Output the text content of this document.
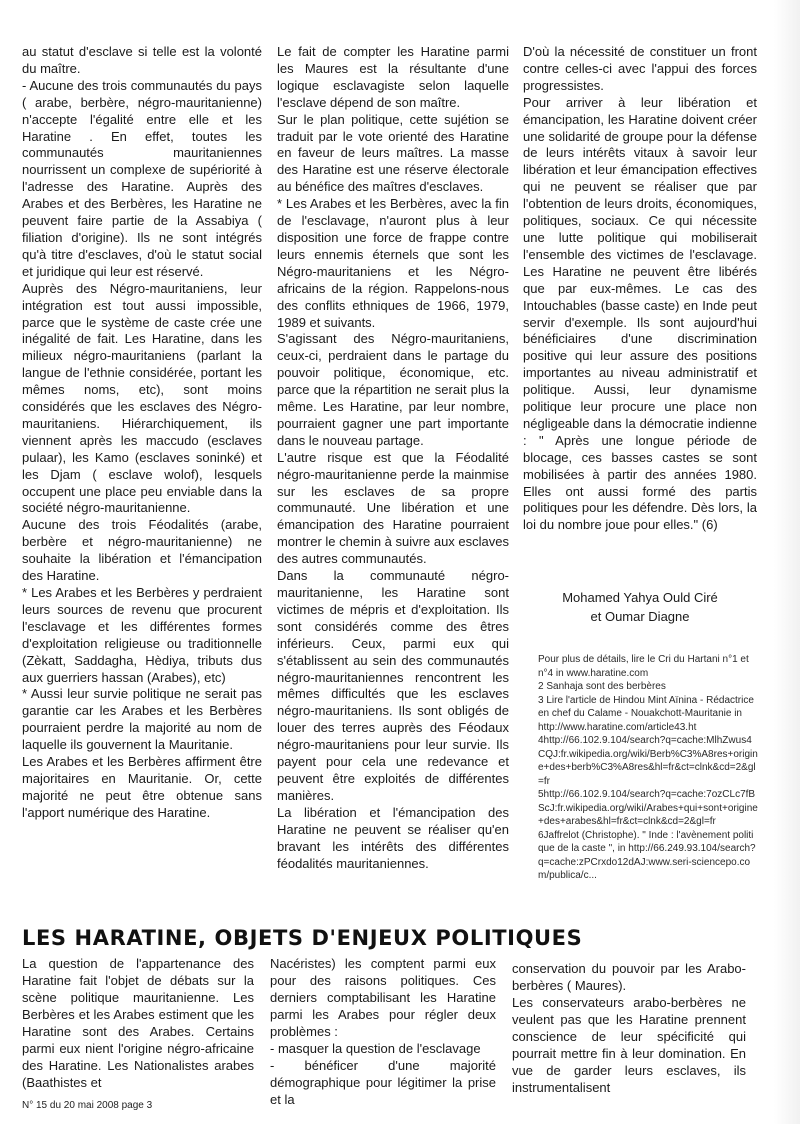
au statut d'esclave si telle est la volonté du maître.

- Aucune des trois communautés du pays ( arabe, berbère, négro-mauritanienne) n'accepte l'égalité entre elle et les Haratine . En effet, toutes les communautés mauritaniennes nourrissent un complexe de supériorité à l'adresse des Haratine. Auprès des Arabes et des Berbères, les Haratine ne peuvent faire partie de la Assabiya ( filiation d'origine). Ils ne sont intégrés qu'à titre d'esclaves, d'où le statut social et juridique qui leur est réservé.

Auprès des Négro-mauritaniens, leur intégration est tout aussi impossible, parce que le système de caste crée une inégalité de fait. Les Haratine, dans les milieux négro-mauritaniens (parlant la langue de l'ethnie considérée, portant les mêmes noms, etc), sont moins considérés que les esclaves des Négro-mauritaniens. Hiérarchiquement, ils viennent après les maccudo (esclaves pulaar), les Kamo (esclaves soninké) et les Djam ( esclave wolof), lesquels occupent une place peu enviable dans la société négro-mauritanienne.

Aucune des trois Féodalités (arabe, berbère et négro-mauritanienne) ne souhaite la libération et l'émancipation des Haratine.

* Les Arabes et les Berbères y perdraient leurs sources de revenu que procurent l'esclavage et les différentes formes d'exploitation religieuse ou traditionnelle (Zèkatt, Saddagha, Hèdiya, tributs dus aux guerriers hassan (Arabes), etc)

* Aussi leur survie politique ne serait pas garantie car les Arabes et les Berbères pourraient perdre la majorité au nom de laquelle ils gouvernent la Mauritanie.

Les Arabes et les Berbères affirment être majoritaires en Mauritanie. Or, cette majorité ne peut être obtenue sans l'apport numérique des Haratine.

Le fait de compter les Haratine parmi les Maures est la résultante d'une logique esclavagiste selon laquelle l'esclave dépend de son maître.

Sur le plan politique, cette sujétion se traduit par le vote orienté des Haratine en faveur de leurs maîtres. La masse des Haratine est une réserve électorale au bénéfice des maîtres d'esclaves.

* Les Arabes et les Berbères, avec la fin de l'esclavage, n'auront plus à leur disposition une force de frappe contre leurs ennemis éternels que sont les Négro-mauritaniens et les Négro-africains de la région. Rappelons-nous des conflits ethniques de 1966, 1979, 1989 et suivants.

S'agissant des Négro-mauritaniens, ceux-ci, perdraient dans le partage du pouvoir politique, économique, etc. parce que la répartition ne serait plus la même. Les Haratine, par leur nombre, pourraient gagner une part importante dans le nouveau partage.

L'autre risque est que la Féodalité négro-mauritanienne perde la mainmise sur les esclaves de sa propre communauté. Une libération et une émancipation des Haratine pourraient montrer le chemin à suivre aux esclaves des autres communautés.

Dans la communauté négro-mauritanienne, les Haratine sont victimes de mépris et d'exploitation. Ils sont considérés comme des êtres inférieurs. Ceux, parmi eux qui s'établissent au sein des communautés négro-mauritaniennes rencontrent les mêmes difficultés que les esclaves négro-mauritaniens. Ils sont obligés de louer des terres auprès des Féodaux négro-mauritaniens pour leur survie. Ils payent pour cela une redevance et peuvent être exploités de différentes manières.

La libération et l'émancipation des Haratine ne peuvent se réaliser qu'en bravant les intérêts des différentes féodalités mauritaniennes.

D'où la nécessité de constituer un front contre celles-ci avec l'appui des forces progressistes.

Pour arriver à leur libération et émancipation, les Haratine doivent créer une solidarité de groupe pour la défense de leurs intérêts vitaux à savoir leur libération et leur émancipation effectives qui ne peuvent se réaliser que par l'obtention de leurs droits, économiques, politiques, sociaux. Ce qui nécessite une lutte politique qui mobiliserait l'ensemble des victimes de l'esclavage. Les Haratine ne peuvent être libérés que par eux-mêmes. Le cas des Intouchables (basse caste) en Inde peut servir d'exemple. Ils sont aujourd'hui bénéficiaires d'une discrimination positive qui leur assure des positions importantes au niveau administratif et politique. Aussi, leur dynamisme politique leur procure une place non négligeable dans la démocratie indienne : " Après une longue période de blocage, ces basses castes se sont mobilisées à partir des années 1980. Elles ont aussi formé des partis politiques pour les défendre. Dès lors, la loi du nombre joue pour elles." (6)

Mohamed Yahya Ould Ciré
et Oumar Diagne

Pour plus de détails, lire le Cri du Hartani n°1 et n°4 in www.haratine.com

2 Sanhaja sont des berbères

3 Lire l'article de Hindou Mint Aïnina - Rédactrice en chef du Calame - Nouakchott-Mauritanie in

http://www.haratine.com/article43.ht

4http://66.102.9.104/search?q=cache:MlhZwus4CQJ:fr.wikipedia.org/wiki/Berb%C3%A8res+origine+des+berb%C3%A8res&hl=fr&ct=clnk&cd=2&gl=fr

5http://66.102.9.104/search?q=cache:7ozCLc7fBScJ:fr.wikipedia.org/wiki/Arabes+qui+sont+origine+des+arabes&hl=fr&ct=clnk&cd=2&gl=fr

6Jaffrelot (Christophe). " Inde : l'avènement politique de la caste ", in http://66.249.93.104/search?q=cache:zPCrxdo12dAJ:www.seri-sciencepo.com/publica/c...

LES HARATINE, OBJETS D'ENJEUX POLITIQUES

La question de l'appartenance des Haratine fait l'objet de débats sur la scène politique mauritanienne. Les Berbères et les Arabes estiment que les Haratine sont des Arabes. Certains parmi eux nient l'origine négro-africaine des Haratine. Les Nationalistes arabes (Baathistes et

Nacéristes) les comptent parmi eux pour des raisons politiques. Ces derniers comptabilisant les Haratine parmi les Arabes pour régler deux problèmes :

- masquer la question de l'esclavage

- bénéficer d'une majorité démographique pour légitimer la prise et la

conservation du pouvoir par les Arabo-berbères ( Maures).

Les conservateurs arabo-berbères ne veulent pas que les Haratine prennent conscience de leur spécificité qui pourrait mettre fin à leur domination. En vue de garder leurs esclaves, ils instrumentalisent

N° 15 du 20 mai 2008 page 3
